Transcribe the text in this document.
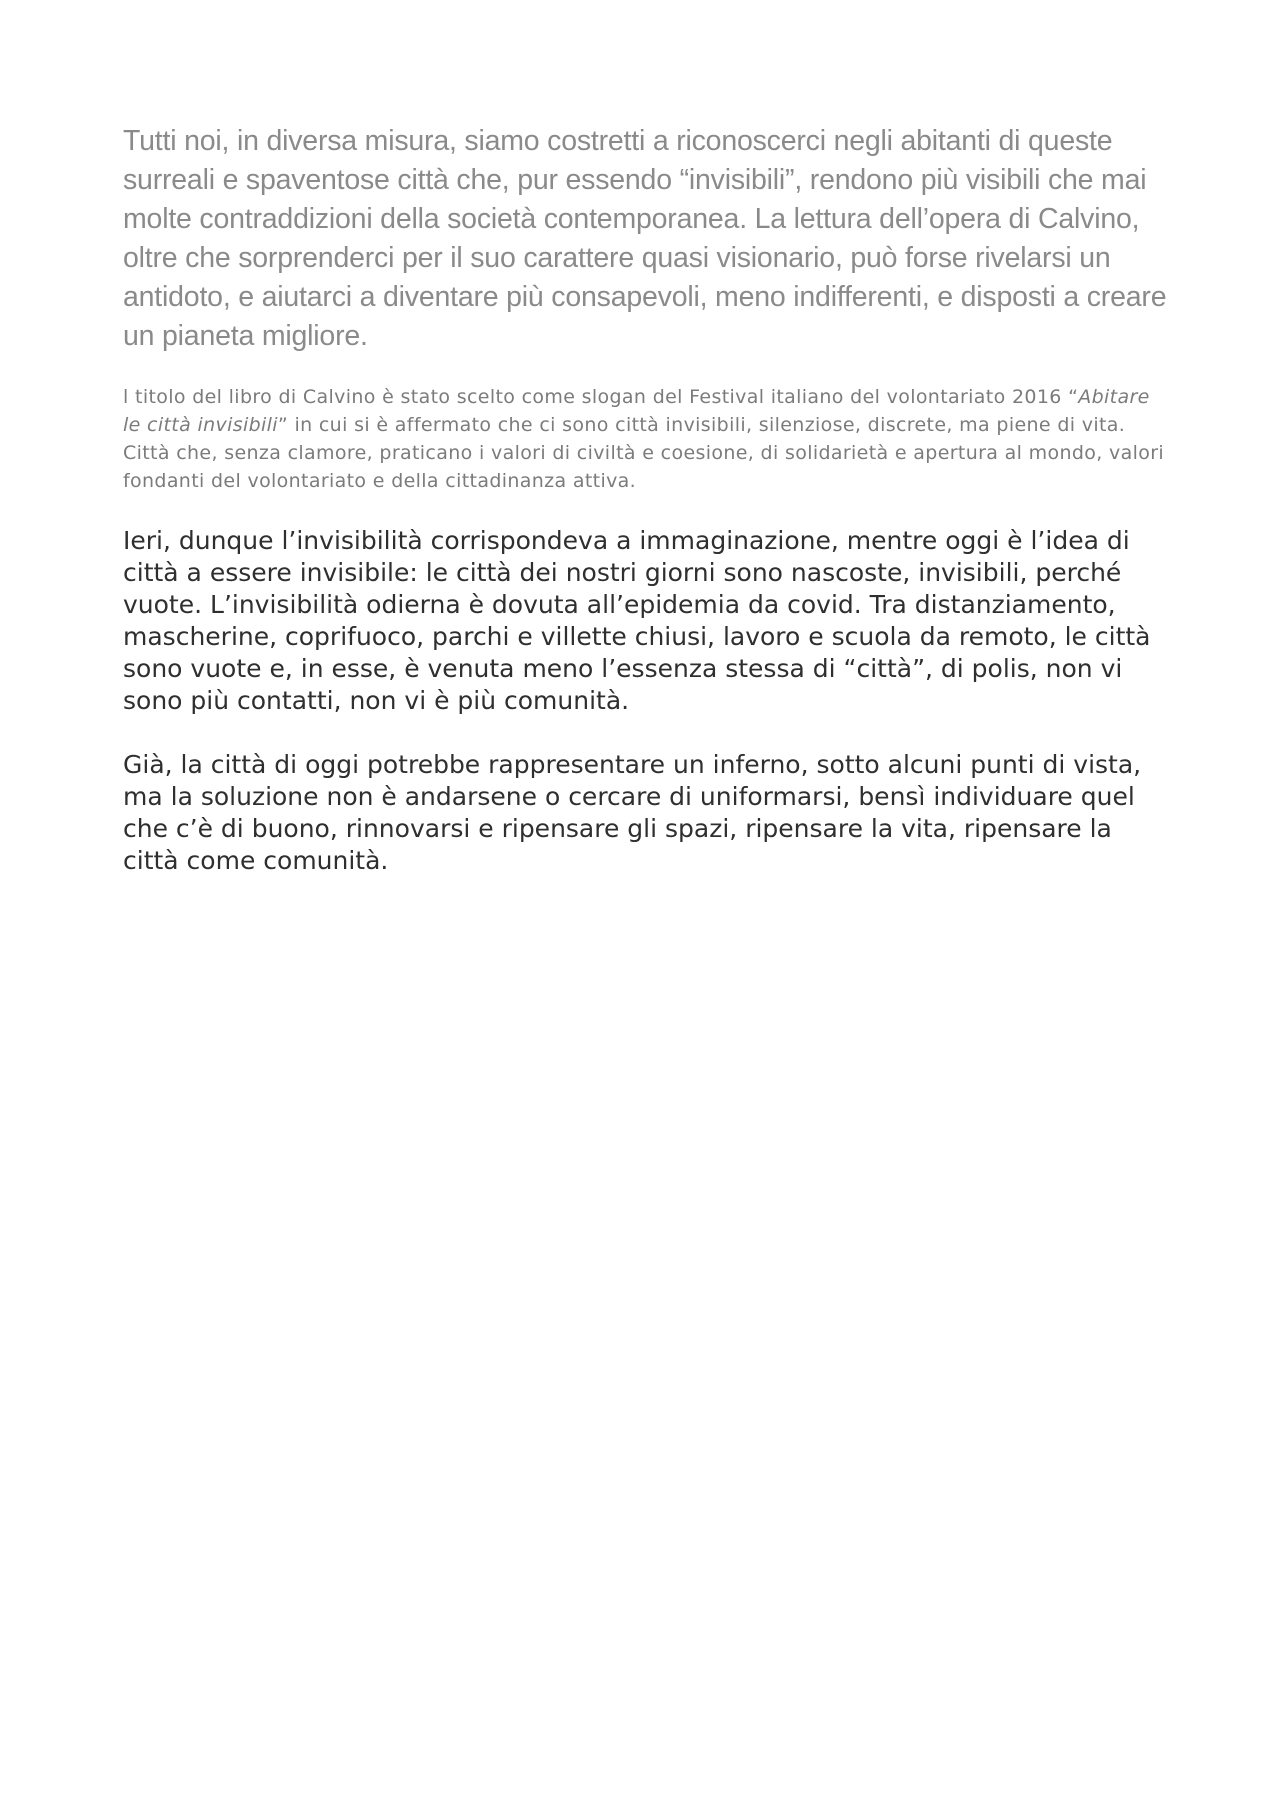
Tutti noi, in diversa misura, siamo costretti a riconoscerci negli abitanti di queste surreali e spaventose città che, pur essendo “invisibili”, rendono più visibili che mai molte contraddizioni della società contemporanea. La lettura dell’opera di Calvino, oltre che sorprenderci per il suo carattere quasi visionario, può forse rivelarsi un antidoto, e aiutarci a diventare più consapevoli, meno indifferenti, e disposti a creare un pianeta migliore.

l titolo del libro di Calvino è stato scelto come slogan del Festival italiano del volontariato 2016 “Abitare le città invisibili” in cui si è affermato che ci sono città invisibili, silenziose, discrete, ma piene di vita. Città che, senza clamore, praticano i valori di civiltà e coesione, di solidarietà e apertura al mondo, valori fondanti del volontariato e della cittadinanza attiva.

Ieri, dunque l’invisibilità corrispondeva a immaginazione, mentre oggi è l’idea di città a essere invisibile: le città dei nostri giorni sono nascoste, invisibili, perché vuote. L’invisibilità odierna è dovuta all’epidemia da covid. Tra distanziamento, mascherine, coprifuoco, parchi e villette chiusi, lavoro e scuola da remoto, le città sono vuote e, in esse, è venuta meno l’essenza stessa di “città”, di polis, non vi sono più contatti, non vi è più comunità.

Già, la città di oggi potrebbe rappresentare un inferno, sotto alcuni punti di vista, ma la soluzione non è andarsene o cercare di uniformarsi, bensì individuare quel che c’è di buono, rinnovarsi e ripensare gli spazi, ripensare la vita, ripensare la città come comunità.
